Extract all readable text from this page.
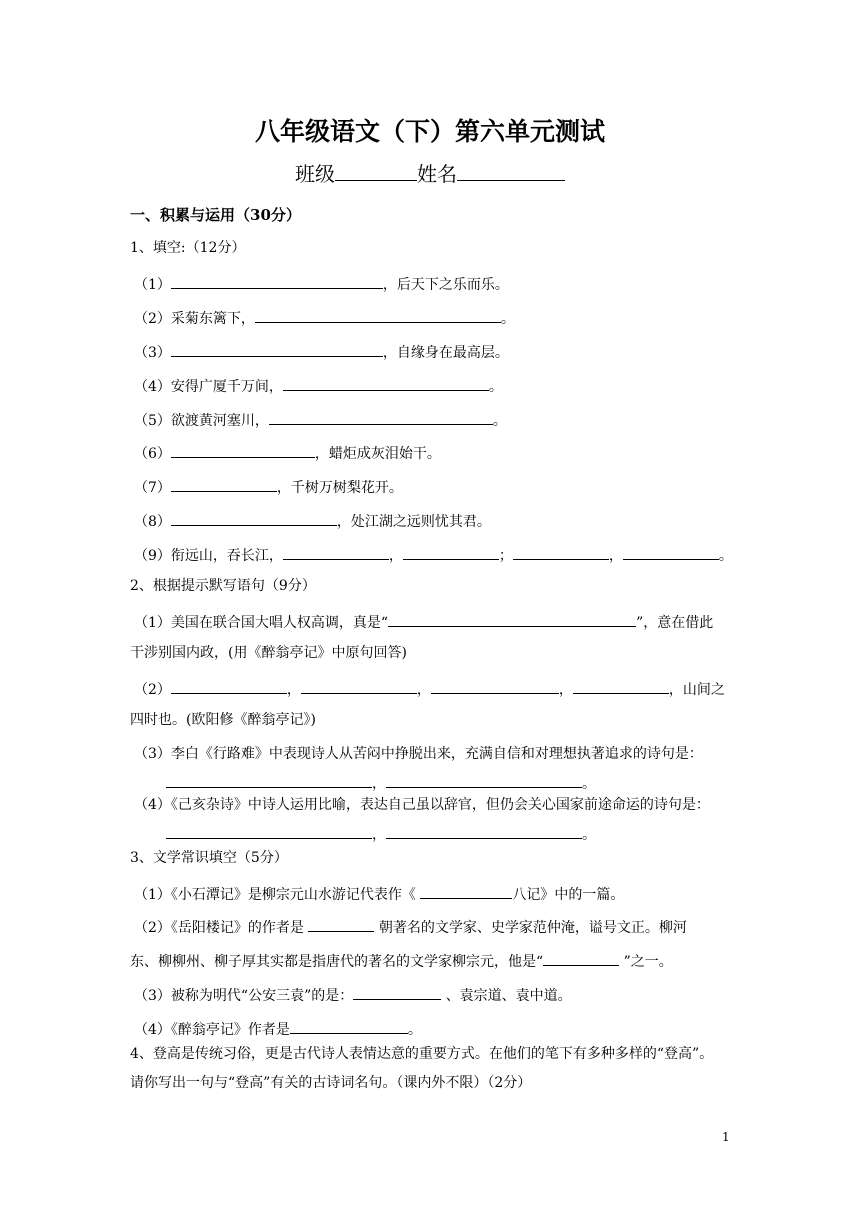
八年级语文（下）第六单元测试
班级	姓名
一、积累与运用（30分）
1、填空:（12分）
（1）	，后天下之乐而乐。
（2）采菊东篱下，	。
（3）	，自缘身在最高层。
（4）安得广厦千万间，	。
（5）欲渡黄河塞川，	。
（6）	，蜡炬成灰泪始干。
（7）	，千树万树梨花开。
（8）	，处江湖之远则忧其君。
（9）衔远山，吞长江，	，	；	，	。
2、根据提示默写语句（9分）
（1）美国在联合国大唱人权高调，真是“	”，意在借此
干涉别国内政，(用《醉翁亭记》中原句回答)
（2）	，	，	，	，山间之
四时也。(欧阳修《醉翁亭记》)
（3）李白《行路难》中表现诗人从苦闷中挣脱出来，充满自信和对理想执著追求的诗句是：
，	。
（4）《己亥杂诗》中诗人运用比喻，表达自己虽以辞官，但仍会关心国家前途命运的诗句是：
，	。
3、文学常识填空（5分）
（1）《小石潭记》是柳宗元山水游记代表作《	八记》中的一篇。
（2）《岳阳楼记》的作者是	朝著名的文学家、史学家范仲淹，谥号文正。柳河
东、柳柳州、柳子厚其实都是指唐代的著名的文学家柳宗元，他是“	”之一。
（3）被称为明代“公安三袁”的是：	、袁宗道、袁中道。
（4）《醉翁亭记》作者是	。
4、登高是传统习俗，更是古代诗人表情达意的重要方式。在他们的笔下有多种多样的“登高”。
请你写出一句与“登高”有关的古诗词名句。（课内外不限）（2分）
1
